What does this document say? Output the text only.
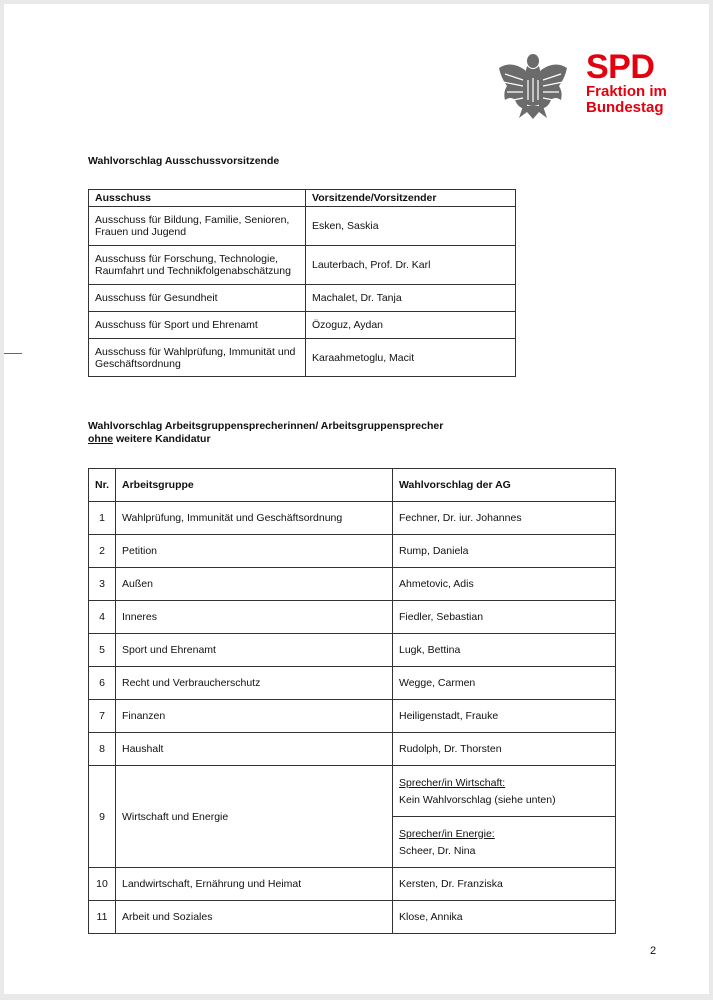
SPD
Fraktion im
Bundestag
Wahlvorschlag Ausschussvorsitzende
Ausschuss	Vorsitzende/Vorsitzender
Ausschuss für Bildung, Familie, Senioren, Frauen und Jugend	Esken, Saskia
Ausschuss für Forschung, Technologie, Raumfahrt und Technikfolgenabschätzung	Lauterbach, Prof. Dr. Karl
Ausschuss für Gesundheit	Machalet, Dr. Tanja
Ausschuss für Sport und Ehrenamt	Özoguz, Aydan
Ausschuss für Wahlprüfung, Immunität und Geschäftsordnung	Karaahmetoglu, Macit
Wahlvorschlag Arbeitsgruppensprecherinnen/ Arbeitsgruppensprecher
ohne weitere Kandidatur
Nr.	Arbeitsgruppe	Wahlvorschlag der AG
1	Wahlprüfung, Immunität und Geschäftsordnung	Fechner, Dr. iur. Johannes
2	Petition	Rump, Daniela
3	Außen	Ahmetovic, Adis
4	Inneres	Fiedler, Sebastian
5	Sport und Ehrenamt	Lugk, Bettina
6	Recht und Verbraucherschutz	Wegge, Carmen
7	Finanzen	Heiligenstadt, Frauke
8	Haushalt	Rudolph, Dr. Thorsten
9	Wirtschaft und Energie	Sprecher/in Wirtschaft:
Kein Wahlvorschlag (siehe unten)

		Sprecher/in Energie:
Scheer, Dr. Nina

10	Landwirtschaft, Ernährung und Heimat	Kersten, Dr. Franziska
11	Arbeit und Soziales	Klose, Annika
2
